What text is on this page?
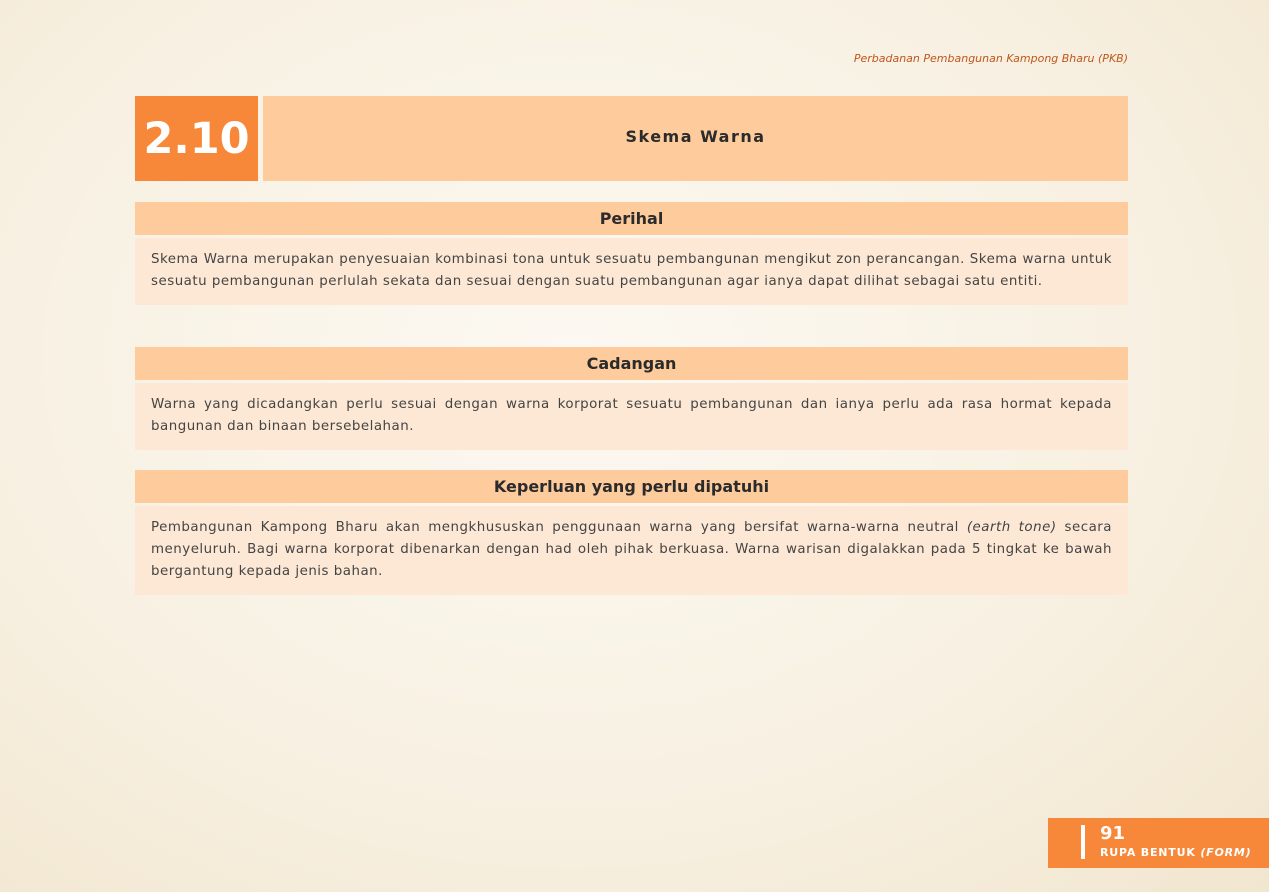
Perbadanan Pembangunan Kampong Bharu (PKB)
2.10	Skema Warna
Perihal
Skema Warna merupakan penyesuaian kombinasi tona untuk sesuatu pembangunan mengikut zon perancangan. Skema warna untuk sesuatu pembangunan perlulah sekata dan sesuai dengan suatu pembangunan agar ianya dapat dilihat sebagai satu entiti.
Cadangan
Warna yang dicadangkan perlu sesuai dengan warna korporat sesuatu pembangunan dan ianya perlu ada rasa hormat kepada bangunan dan binaan bersebelahan.
Keperluan yang perlu dipatuhi
Pembangunan Kampong Bharu akan mengkhususkan penggunaan warna yang bersifat warna-warna neutral (earth tone) secara menyeluruh. Bagi warna korporat dibenarkan dengan had oleh pihak berkuasa. Warna warisan digalakkan pada 5 tingkat ke bawah bergantung kepada jenis bahan.
91
RUPA BENTUK (FORM)
